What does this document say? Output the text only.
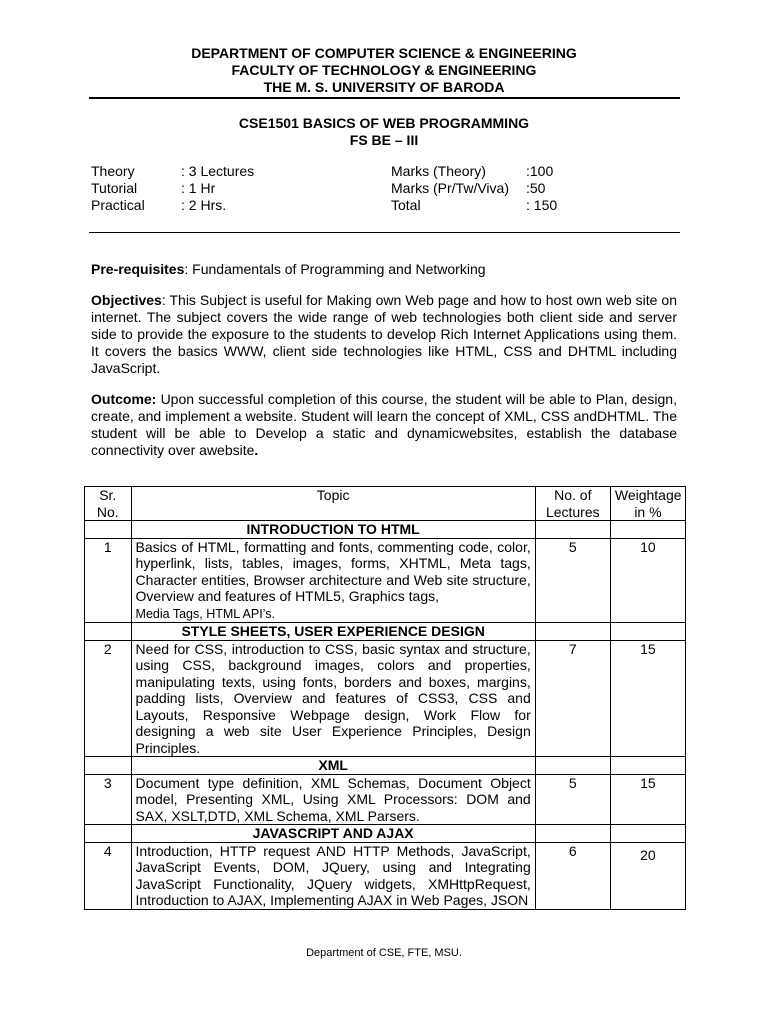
DEPARTMENT OF COMPUTER SCIENCE & ENGINEERING
FACULTY OF TECHNOLOGY & ENGINEERING
THE M. S. UNIVERSITY OF BARODA
CSE1501 BASICS OF WEB PROGRAMMING
FS BE – III
Theory	: 3 Lectures
Tutorial	: 1 Hr
Practical	: 2 Hrs.
Marks (Theory)	:100
Marks (Pr/Tw/Viva)	:50
Total	: 150
Pre-requisites: Fundamentals of Programming and Networking
Objectives: This Subject is useful for Making own Web page and how to host own web site on internet. The subject covers the wide range of web technologies both client side and server side to provide the exposure to the students to develop Rich Internet Applications using them. It covers the basics WWW, client side technologies like HTML, CSS and DHTML including JavaScript.
Outcome: Upon successful completion of this course, the student will be able to Plan, design, create, and implement a website. Student will learn the concept of XML, CSS andDHTML. The student will be able to Develop a static and dynamicwebsites, establish the database connectivity over awebsite.
Sr. No.	Topic	No. of Lectures	Weightage in %
	INTRODUCTION TO HTML		
1	Basics of HTML, formatting and fonts, commenting code, color, hyperlink, lists, tables, images, forms, XHTML, Meta tags, Character entities, Browser architecture and Web site structure, Overview and features of HTML5, Graphics tags,
Media Tags, HTML API’s.	5	10
	STYLE SHEETS, USER EXPERIENCE DESIGN		
2	Need for CSS, introduction to CSS, basic syntax and structure, using CSS, background images, colors and properties, manipulating texts, using fonts, borders and boxes, margins, padding lists, Overview and features of CSS3, CSS and Layouts, Responsive Webpage design, Work Flow for designing a web site User Experience Principles, Design Principles.	7	15
	XML		
3	Document type definition, XML Schemas, Document Object model, Presenting XML, Using XML Processors: DOM and SAX, XSLT,DTD, XML Schema, XML Parsers.	5	15
	JAVASCRIPT AND AJAX		
4	Introduction, HTTP request AND HTTP Methods, JavaScript, JavaScript Events, DOM, JQuery, using and Integrating JavaScript Functionality, JQuery widgets, XMHttpRequest, Introduction to AJAX, Implementing AJAX in Web Pages, JSON	6	20
Department of CSE, FTE, MSU.
